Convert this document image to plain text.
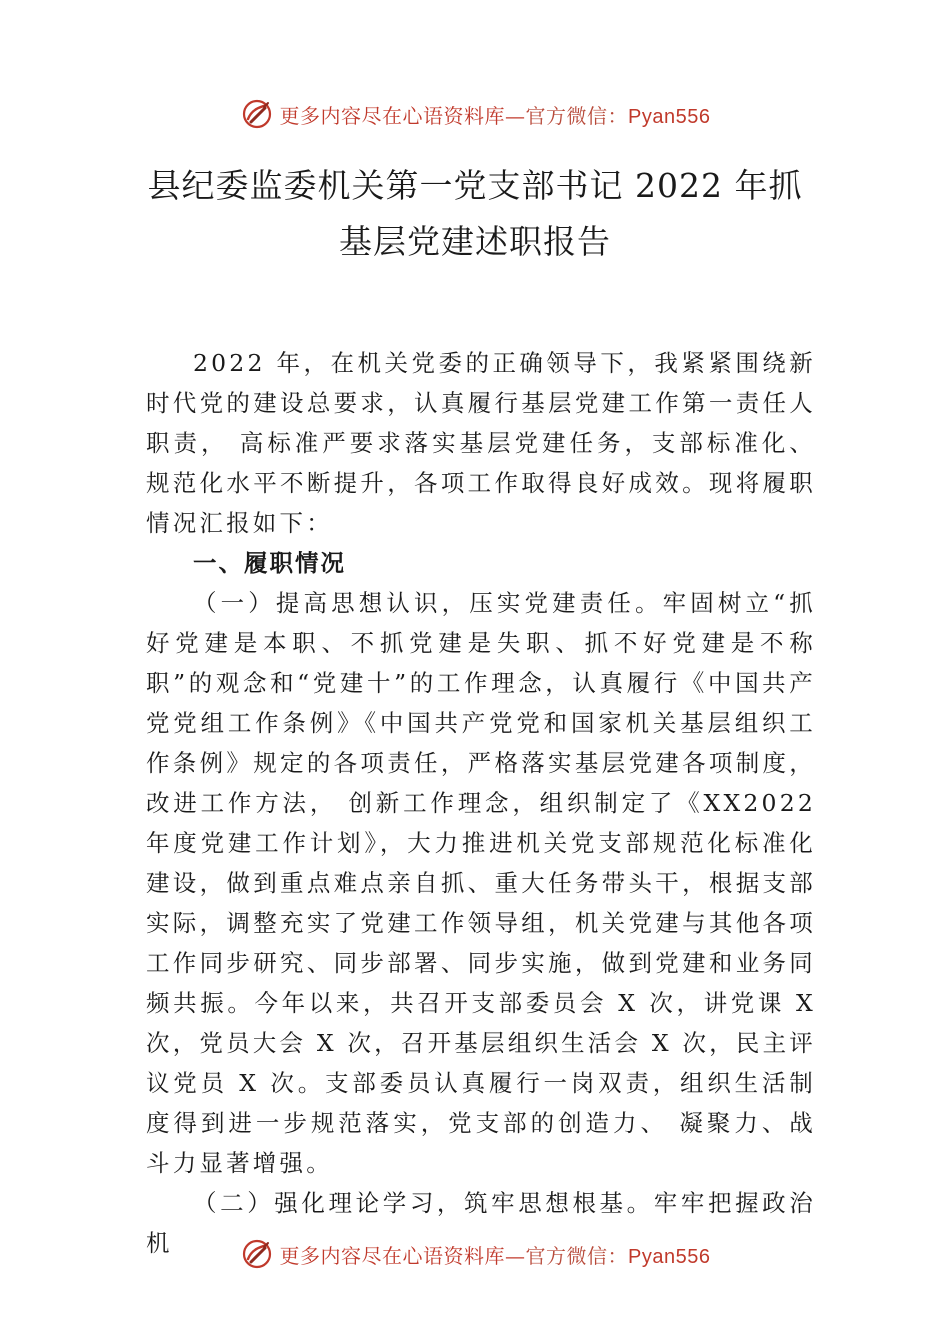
更多内容尽在心语资料库—官方微信：Pyan556
县纪委监委机关第一党支部书记 2022 年抓
基层党建述职报告

2022 年，在机关党委的正确领导下，我紧紧围绕新时代党的建设总要求，认真履行基层党建工作第一责任人职责， 高标准严要求落实基层党建任务，支部标准化、规范化水平不断提升，各项工作取得良好成效。现将履职情况汇报如下：

一、履职情况

（一）提高思想认识，压实党建责任。牢固树立“抓好党建是本职、不抓党建是失职、抓不好党建是不称职”的观念和“党建十”的工作理念，认真履行《中国共产党党组工作条例》《中国共产党党和国家机关基层组织工作条例》规定的各项责任，严格落实基层党建各项制度，改进工作方法， 创新工作理念，组织制定了《XX2022 年度党建工作计划》，大力推进机关党支部规范化标准化建设，做到重点难点亲自抓、重大任务带头干，根据支部实际，调整充实了党建工作领导组，机关党建与其他各项工作同步研究、同步部署、同步实施，做到党建和业务同频共振。今年以来，共召开支部委员会 X 次，讲党课 X 次，党员大会 X 次，召开基层组织生活会 X 次，民主评议党员 X 次。支部委员认真履行一岗双责，组织生活制度得到进一步规范落实，党支部的创造力、 凝聚力、战斗力显著增强。

（二）强化理论学习，筑牢思想根基。牢牢把握政治机	更多内容尽在心语资料库—官方微信：Pyan556
